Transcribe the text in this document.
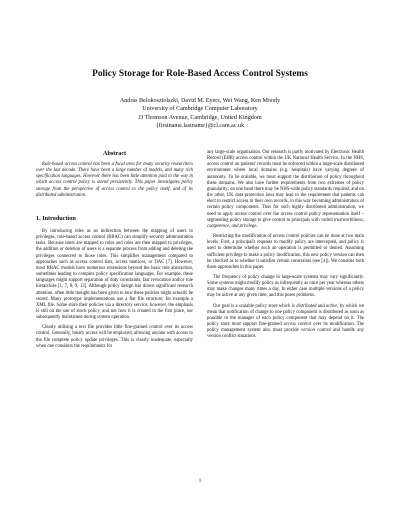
Policy Storage for Role-Based Access Control Systems
András Belokosztolszki, David M. Eyers, Wei Wang, Ken Moody
University of Cambridge Computer Laboratory
JJ Thomson Avenue, Cambridge, United Kingdom
{firstname.lastname}@cl.cam.ac.uk
Abstract

Role-based access control has been a focal area for many security researchers over the last decade. There have been a large number of models, and many rich specification languages. However there has been little attention paid to the way in which access control policy is stored persistently. This paper investigates policy storage from the perspective of access control to the policy itself, and of its distributed administration.

1. Introduction

By introducing roles as an indirection between the mapping of users to privileges, role-based access control (RBAC) can simplify security administration tasks. Because users are mapped to roles and roles are then mapped to privileges, the addition or deletion of users is a separate process from adding and deleting the privileges connected to those roles. This simplifies management compared to approaches such as access control lists, access matrices, or DAC [7]. However, most RBAC models have numerous extensions beyond the basic role abstraction, sometimes leading to complex policy specification languages. For example, these languages might support separation of duty constraints, fast revocation and/or role hierarchies [1, 7, 8, 9, 13]. Although policy design has drawn significant research attention, often little thought has been given to how these policies might actually be stored. Many prototype implementations use a flat file structure, for example a XML file. Some store their policies via a directory service; however, the emphasis is still on the use of stock policy, and not how it is created in the first place, nor subsequently maintained during system operation.

Clearly utilising a text file provides little fine-grained control over its access control. Generally, binary access will be employed, allowing anyone with access to the file complete policy update privileges. This is clearly inadequate, especially when one considers the requirements for

any large-scale organisation. Our research is partly motivated by Electronic Health Record (EHR) access control within the UK National Health Service. In the NHS, access control on patients' records must be enforced within a large-scale distributed environment where local domains (e.g. hospitals) have varying degrees of autonomy. To be scalable, we must support the distribution of policy throughout these domains. We also have further requirements from two extremes of policy granularity; on one hand there may be NHS-wide policy standards required, and on the other, UK data protection laws may lead to the requirement that patients can elect to restrict access to their own records, in this way becoming administrators of certain policy components. Thus for such highly distributed administration, we need to apply access control over the access control policy representation itself – segmenting policy storage to give control to principals with varied trustworthiness, competence, and privilege.

Restricting the modification of access control policies can be done at two main levels. First, a principal's requests to modify policy are intercepted, and policy is used to determine whether such an operation is permitted or denied. Assuming sufficient privilege to make a policy modification, this new policy version can then be checked as to whether it satisfies certain constraints (see [4]). We consider both these approaches in this paper.

The frequency of policy change in large-scale systems may vary significantly. Some systems might modify policy as infrequently as once per year whereas others may make changes many times a day. In either case multiple versions of a policy may be active at any given time, and this poses problems.

Our goal is a scalable policy store which is distributed and active, by which we mean that notification of change to one policy component is distributed as soon as possible to the manager of each policy component that may depend on it. The policy store must support fine-grained access control over its modification. The policy management system also must provide version control and handle any version conflict situations.

1
